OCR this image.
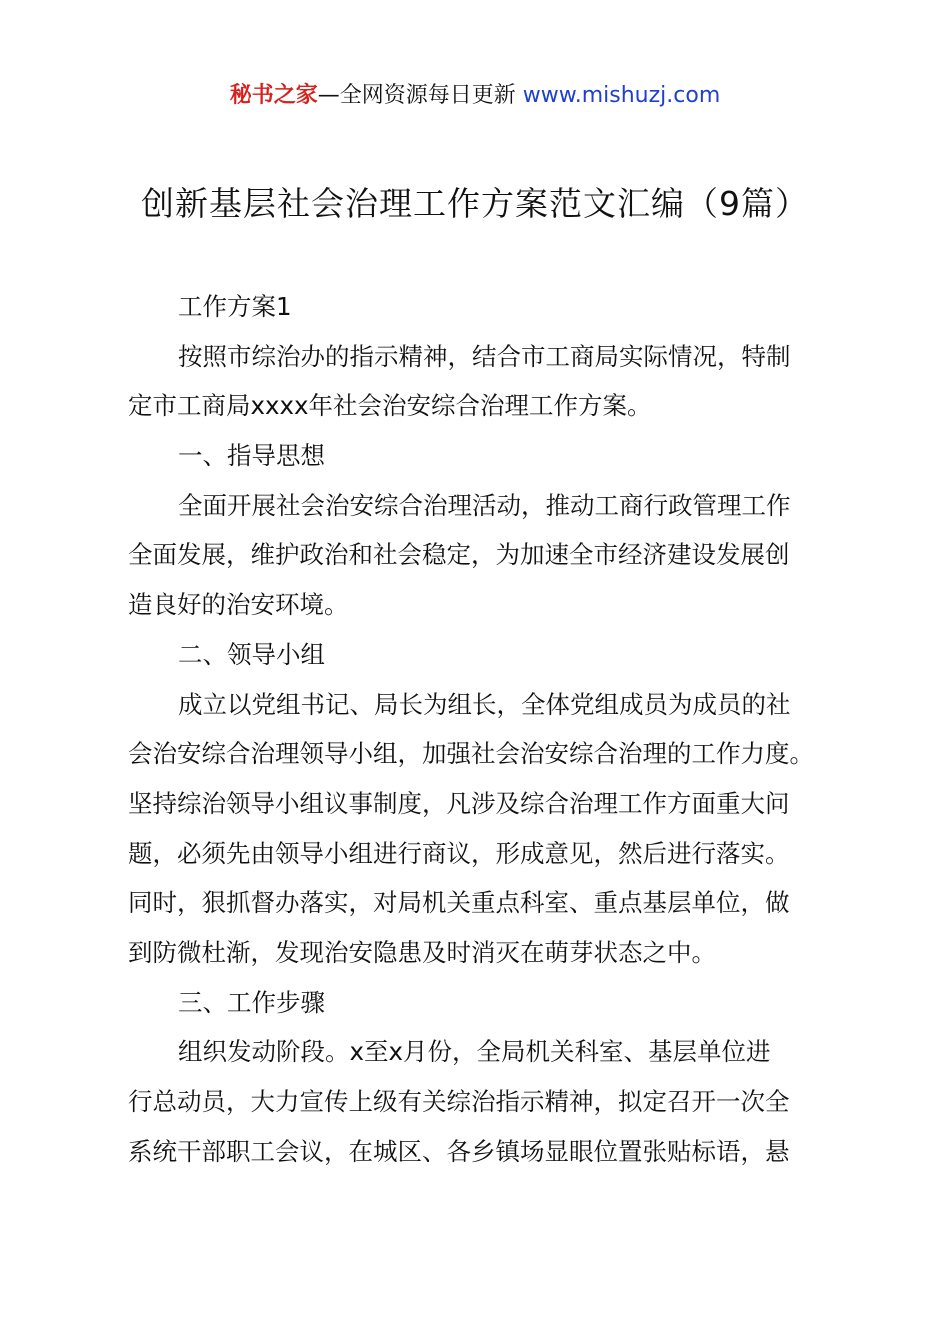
秘书之家—全网资源每日更新 www.mishuzj.com
创新基层社会治理工作方案范文汇编（9篇）
工作方案1
按照市综治办的指示精神，结合市工商局实际情况，特制
定市工商局xxxx年社会治安综合治理工作方案。
一、指导思想
全面开展社会治安综合治理活动，推动工商行政管理工作
全面发展，维护政治和社会稳定，为加速全市经济建设发展创
造良好的治安环境。
二、领导小组
成立以党组书记、局长为组长，全体党组成员为成员的社
会治安综合治理领导小组，加强社会治安综合治理的工作力度。
坚持综治领导小组议事制度，凡涉及综合治理工作方面重大问
题，必须先由领导小组进行商议，形成意见，然后进行落实。
同时，狠抓督办落实，对局机关重点科室、重点基层单位，做
到防微杜渐，发现治安隐患及时消灭在萌芽状态之中。
三、工作步骤
组织发动阶段。x至x月份，全局机关科室、基层单位进
行总动员，大力宣传上级有关综治指示精神，拟定召开一次全
系统干部职工会议，在城区、各乡镇场显眼位置张贴标语，悬
